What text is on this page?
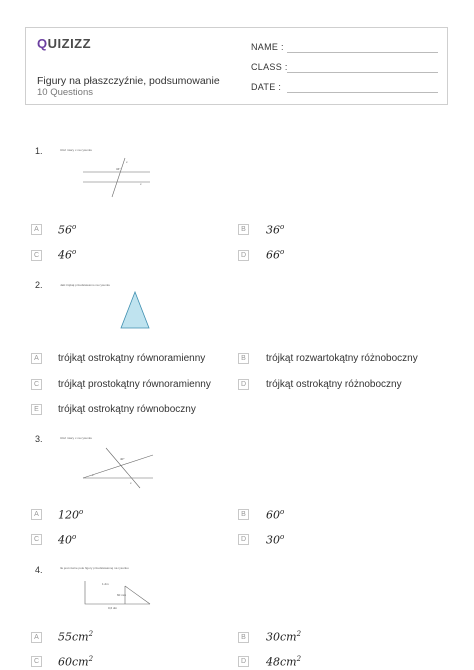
QUIZIZZ
Figury na płaszczyźnie, podsumowanie
10 Questions
NAME :
CLASS :
DATE :
1.	Ułóż miary x na rysunku
x
34°
x
A 56$^o$	B 36$^o$
C 46$^o$	D 66$^o$
2.	Jaki trójkąt przedstawiono na rysunku
A	trójkąt ostrokątny równoramienny	B	trójkąt rozwartokątny różnoboczny
C trójkąt prostokątny równoramienny	D trójkąt ostrokątny różnoboczny
E	trójkąt ostrokątny równoboczny
3.	Ułóż miary x na rysunku
x
40°
x
A 120$^o$	B 60$^o$
C 40$^o$	D 30$^o$
4.	Ile jest równe pole figury przedstawionej na rysunku
1 dm
60 mm
0,6 dm
A $55cm^2$	B $30cm^2$
C $60cm^2$	D $48cm^2$
